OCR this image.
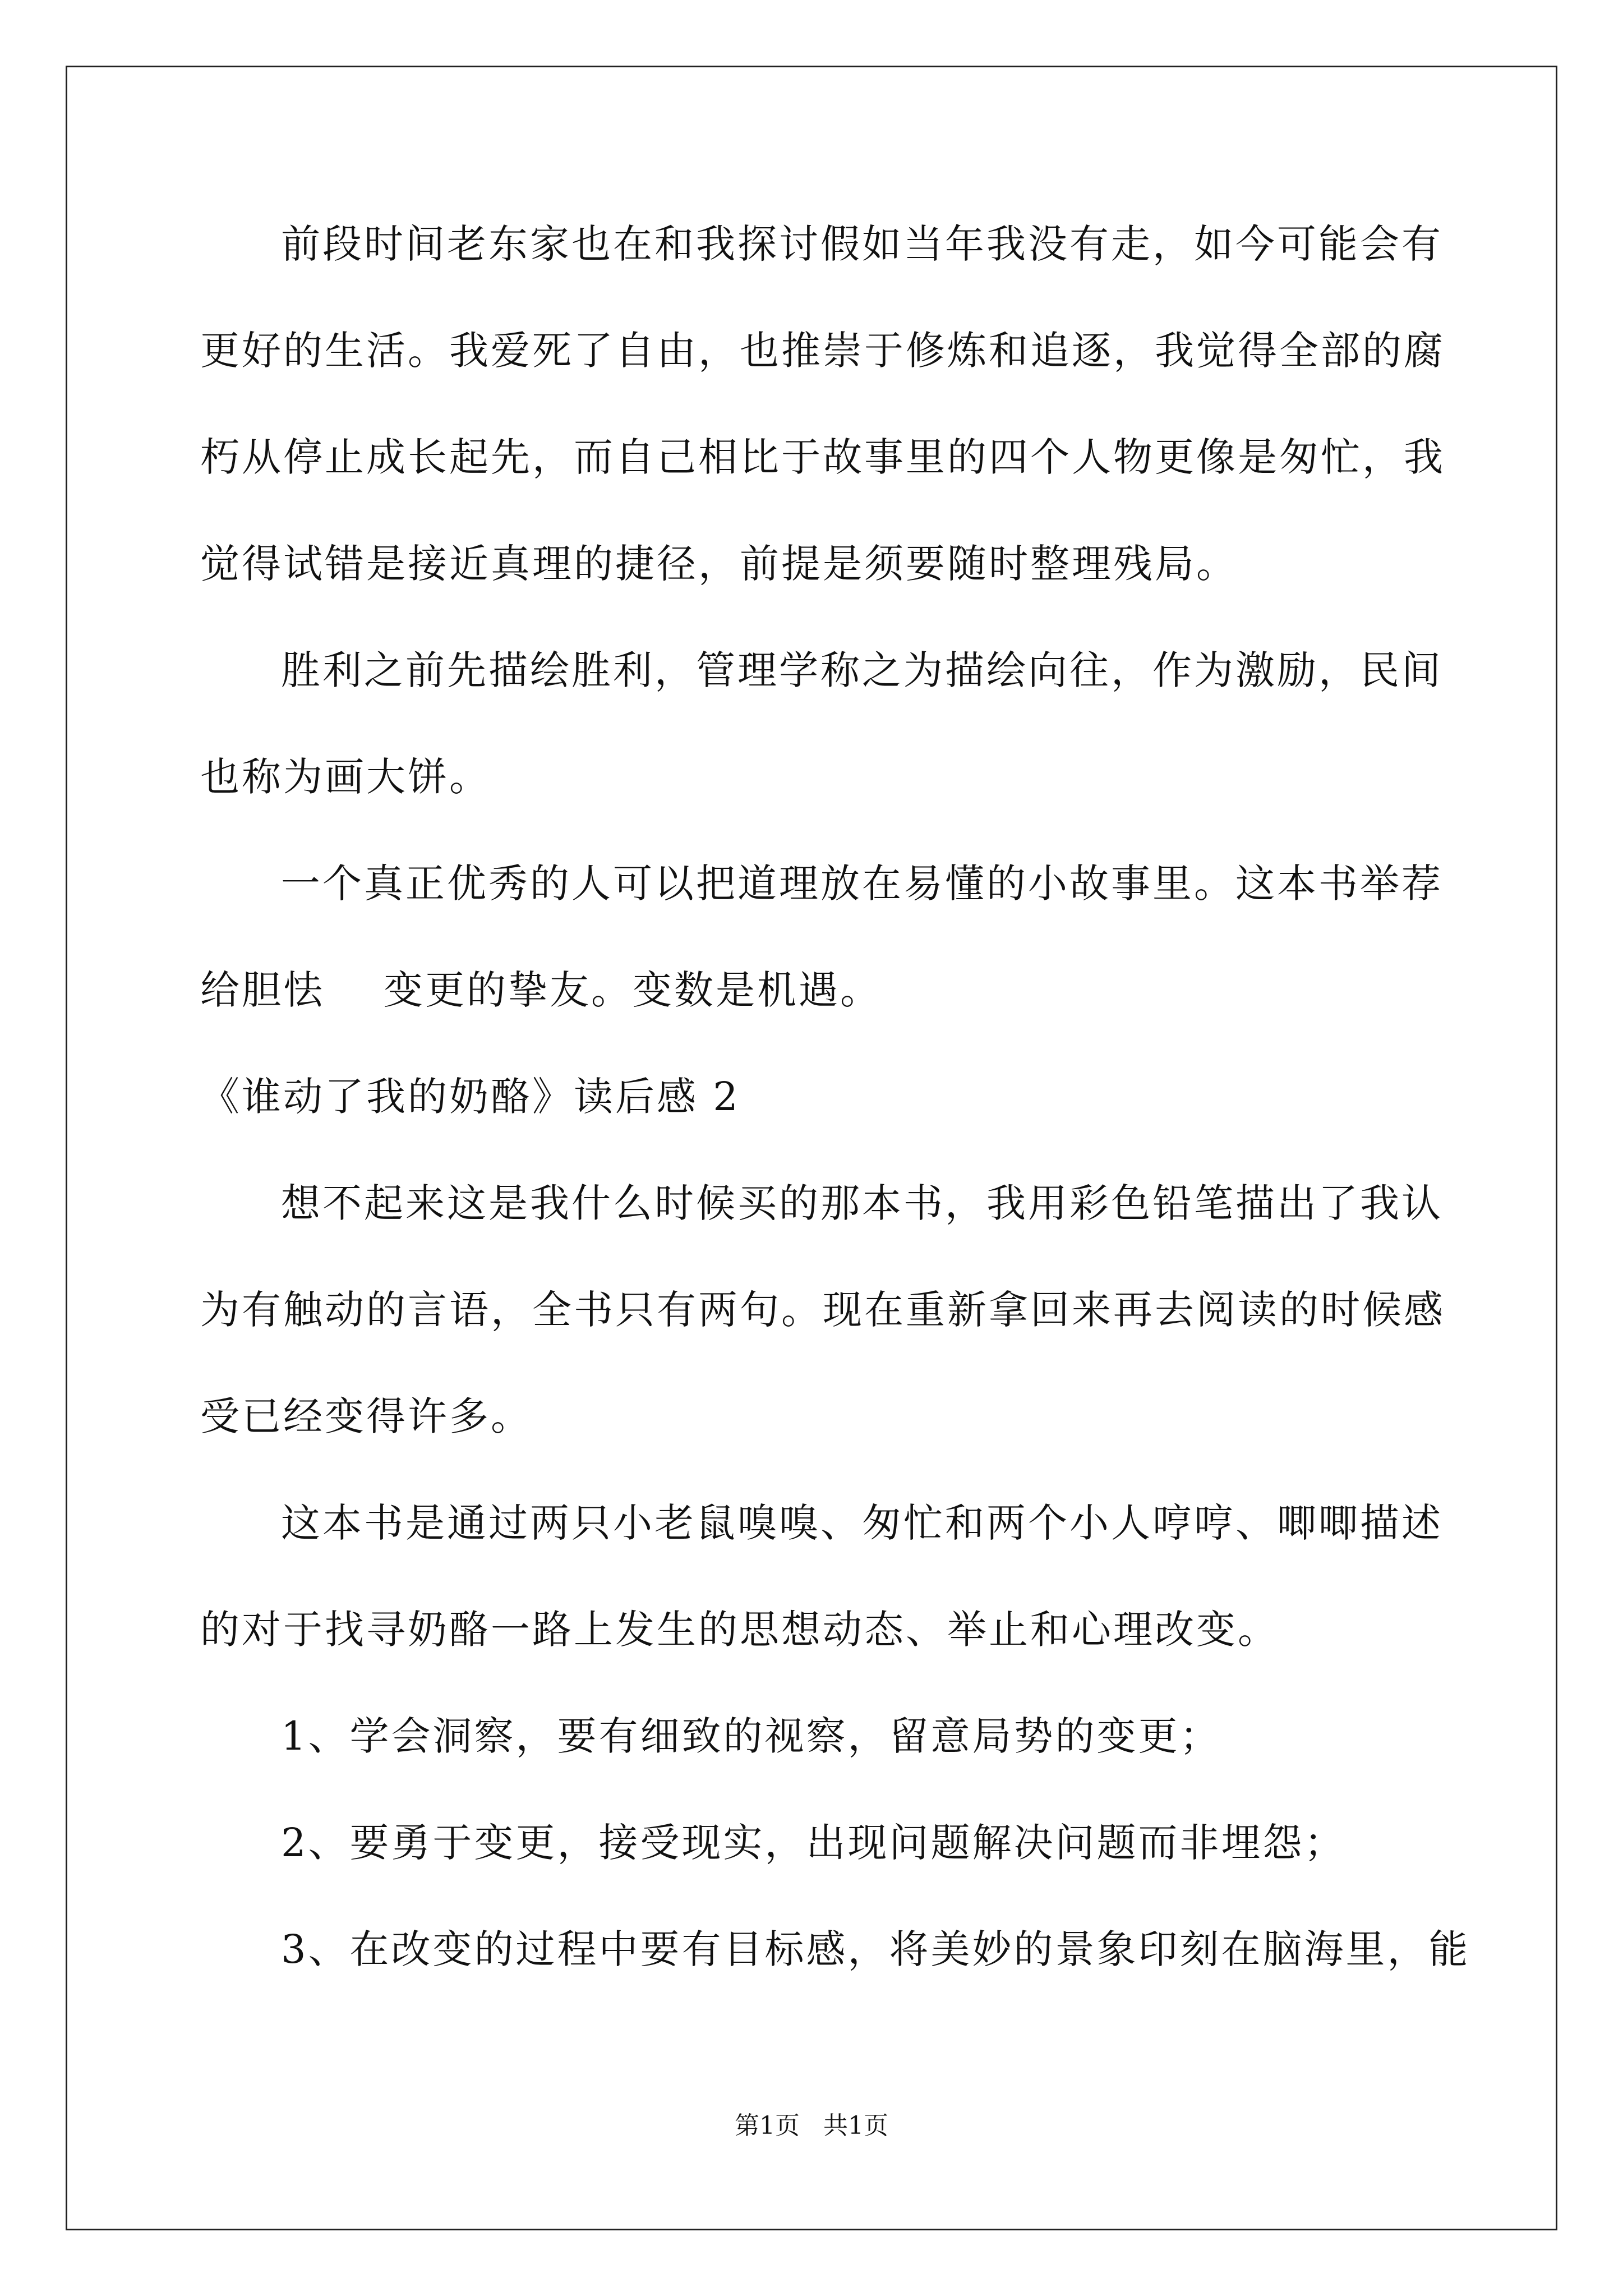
前段时间老东家也在和我探讨假如当年我没有走，如今可能会有
更好的生活。我爱死了自由，也推崇于修炼和追逐，我觉得全部的腐
朽从停止成长起先，而自己相比于故事里的四个人物更像是匆忙，我
觉得试错是接近真理的捷径，前提是须要随时整理残局。
胜利之前先描绘胜利，管理学称之为描绘向往，作为激励，民间
也称为画大饼。
一个真正优秀的人可以把道理放在易懂的小故事里。这本书举荐
给胆怯    变更的挚友。变数是机遇。
《谁动了我的奶酪》读后感 2
想不起来这是我什么时候买的那本书，我用彩色铅笔描出了我认
为有触动的言语，全书只有两句。现在重新拿回来再去阅读的时候感
受已经变得许多。
这本书是通过两只小老鼠嗅嗅、匆忙和两个小人哼哼、唧唧描述
的对于找寻奶酪一路上发生的思想动态、举止和心理改变。
1、学会洞察，要有细致的视察，留意局势的变更；
2、要勇于变更，接受现实，出现问题解决问题而非埋怨；
3、在改变的过程中要有目标感，将美妙的景象印刻在脑海里，能
第1页   共1页
